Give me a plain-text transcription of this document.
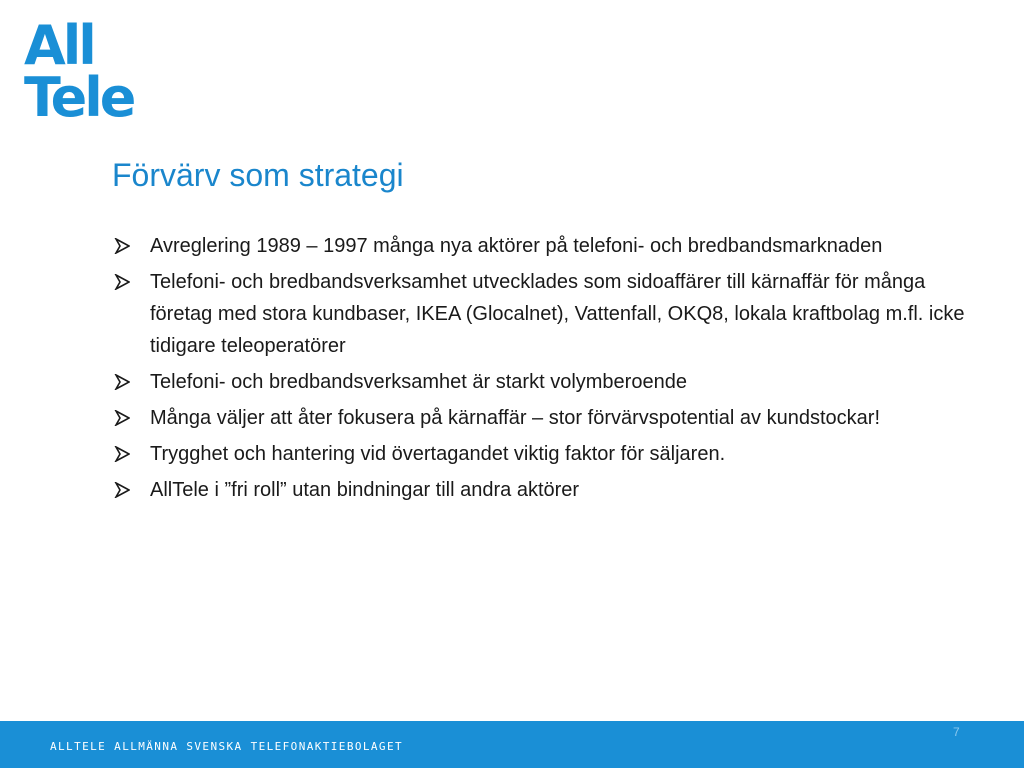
All
Tele
Förvärv som strategi
Avreglering 1989 – 1997 många nya aktörer på telefoni- och bredbandsmarknaden
Telefoni- och bredbandsverksamhet utvecklades som sidoaffärer till kärnaffär för många företag med stora kundbaser, IKEA (Glocalnet), Vattenfall, OKQ8, lokala kraftbolag m.fl. icke tidigare teleoperatörer
Telefoni- och bredbandsverksamhet är starkt volymberoende
Många väljer att åter fokusera på kärnaffär – stor förvärvspotential av kundstockar!
Trygghet och hantering vid övertagandet viktig faktor för säljaren.
AllTele i ”fri roll” utan bindningar till andra aktörer
ALLTELE ALLMÄNNA SVENSKA TELEFONAKTIEBOLAGET
7
